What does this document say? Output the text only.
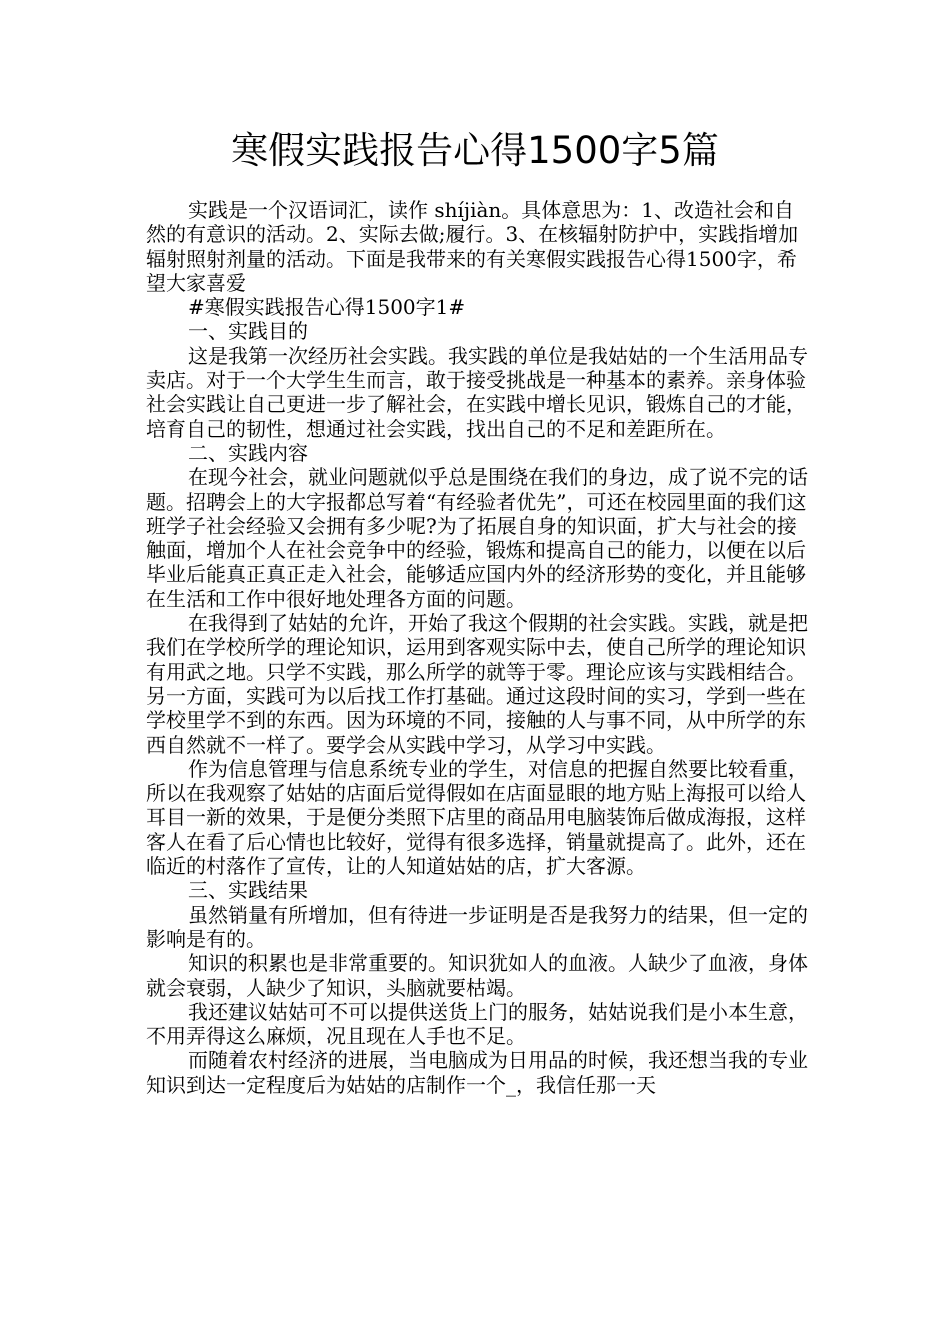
寒假实践报告心得1500字5篇

实践是一个汉语词汇，读作 shíjiàn。具体意思为：1、改造社会和自然的有意识的活动。2、实际去做;履行。3、在核辐射防护中，实践指增加辐射照射剂量的活动。下面是我带来的有关寒假实践报告心得1500字，希望大家喜爱

#寒假实践报告心得1500字1#

一、实践目的

这是我第一次经历社会实践。我实践的单位是我姑姑的一个生活用品专卖店。对于一个大学生生而言，敢于接受挑战是一种基本的素养。亲身体验社会实践让自己更进一步了解社会，在实践中增长见识，锻炼自己的才能，培育自己的韧性，想通过社会实践，找出自己的不足和差距所在。

二、实践内容

在现今社会，就业问题就似乎总是围绕在我们的身边，成了说不完的话题。招聘会上的大字报都总写着“有经验者优先”，可还在校园里面的我们这班学子社会经验又会拥有多少呢?为了拓展自身的知识面，扩大与社会的接触面，增加个人在社会竞争中的经验，锻炼和提高自己的能力，以便在以后毕业后能真正真正走入社会，能够适应国内外的经济形势的变化，并且能够在生活和工作中很好地处理各方面的问题。

在我得到了姑姑的允许，开始了我这个假期的社会实践。实践，就是把我们在学校所学的理论知识，运用到客观实际中去，使自己所学的理论知识有用武之地。只学不实践，那么所学的就等于零。理论应该与实践相结合。另一方面，实践可为以后找工作打基础。通过这段时间的实习，学到一些在学校里学不到的东西。因为环境的不同，接触的人与事不同，从中所学的东西自然就不一样了。要学会从实践中学习，从学习中实践。

作为信息管理与信息系统专业的学生，对信息的把握自然要比较看重，所以在我观察了姑姑的店面后觉得假如在店面显眼的地方贴上海报可以给人耳目一新的效果，于是便分类照下店里的商品用电脑装饰后做成海报，这样客人在看了后心情也比较好，觉得有很多选择，销量就提高了。此外，还在临近的村落作了宣传，让的人知道姑姑的店，扩大客源。

三、实践结果

虽然销量有所增加，但有待进一步证明是否是我努力的结果，但一定的影响是有的。

知识的积累也是非常重要的。知识犹如人的血液。人缺少了血液，身体就会衰弱，人缺少了知识，头脑就要枯竭。

我还建议姑姑可不可以提供送货上门的服务，姑姑说我们是小本生意，不用弄得这么麻烦，况且现在人手也不足。

而随着农村经济的进展，当电脑成为日用品的时候，我还想当我的专业知识到达一定程度后为姑姑的店制作一个_，我信任那一天
